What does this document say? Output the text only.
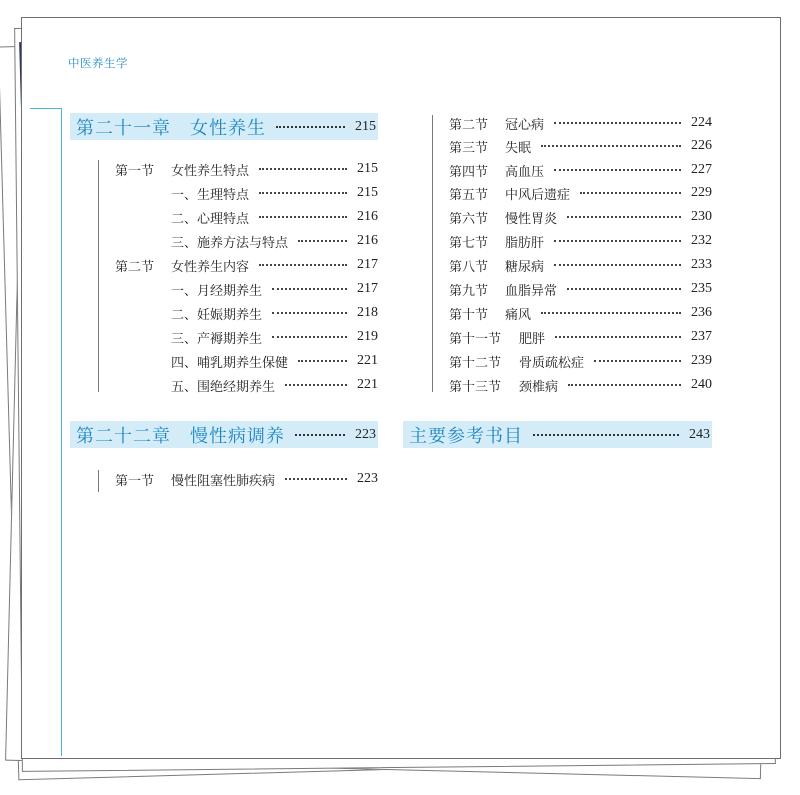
中医养生学
第二十一章　女性养生	215
第一节	女性养生特点	215
一、生理特点	215
二、心理特点	216
三、施养方法与特点	216
第二节	女性养生内容	217
一、月经期养生	217
二、妊娠期养生	218
三、产褥期养生	219
四、哺乳期养生保健	221
五、围绝经期养生	221
第二十二章　慢性病调养	223
第一节	慢性阻塞性肺疾病	223
第二节	冠心病	224
第三节	失眠	226
第四节	高血压	227
第五节	中风后遗症	229
第六节	慢性胃炎	230
第七节	脂肪肝	232
第八节	糖尿病	233
第九节	血脂异常	235
第十节	痛风	236
第十一节	肥胖	237
第十二节	骨质疏松症	239
第十三节	颈椎病	240
主要参考书目	243
